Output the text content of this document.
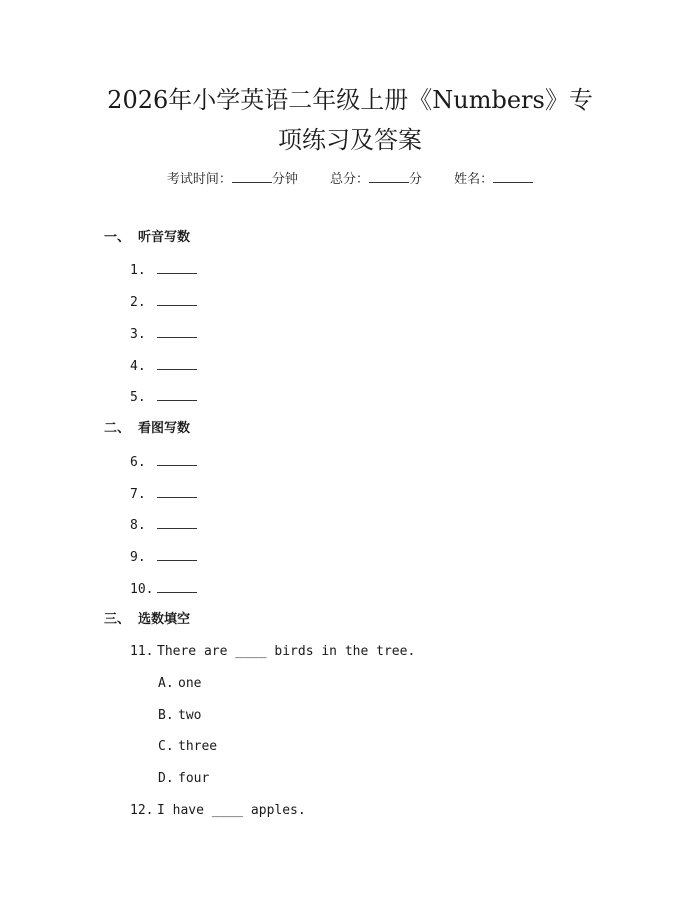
2026年小学英语二年级上册《Numbers》专
项练习及答案
考试时间：	分钟 总分：	分 姓名：
一、 听音写数
1.
2.
3.
4.
5.
二、 看图写数
6.
7.
8.
9.
10.
三、 选数填空
11. There are ____ birds in the tree.
A. one
B. two
C. three
D. four
12. I have ____ apples.
